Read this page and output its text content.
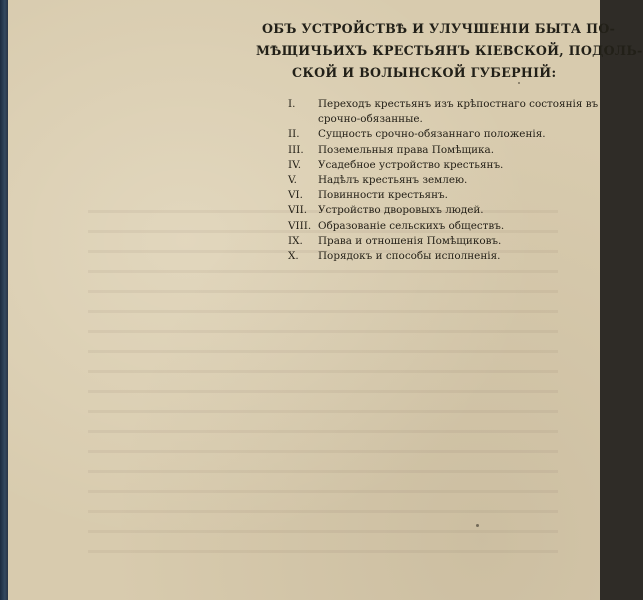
ОБЪ УСТРОЙСТВѢ И УЛУЧШЕНІИ БЫТА ПО-
МѢЩИЧЬИХЪ КРЕСТЬЯНЪ КІЕВСКОЙ, ПОДОЛЬ-
СКОЙ И ВОЛЫНСКОЙ ГУБЕРНІЙ:
I.	Переходъ крестьянъ изъ крѣпостнаго состоянія въ
срочно-обязанные.
II.	Сущность срочно-обязаннаго положенія.
III.	Поземельныя права Помѣщика.
IV.	Усадебное устройство крестьянъ.
V.	Надѣлъ крестьянъ землею.
VI.	Повинности крестьянъ.
VII.	Устройство дворовыхъ людей.
VIII. Образованіе сельскихъ обществъ.
IX.	Права и отношенія Помѣщиковъ.
X.	Порядокъ и способы исполненія.
